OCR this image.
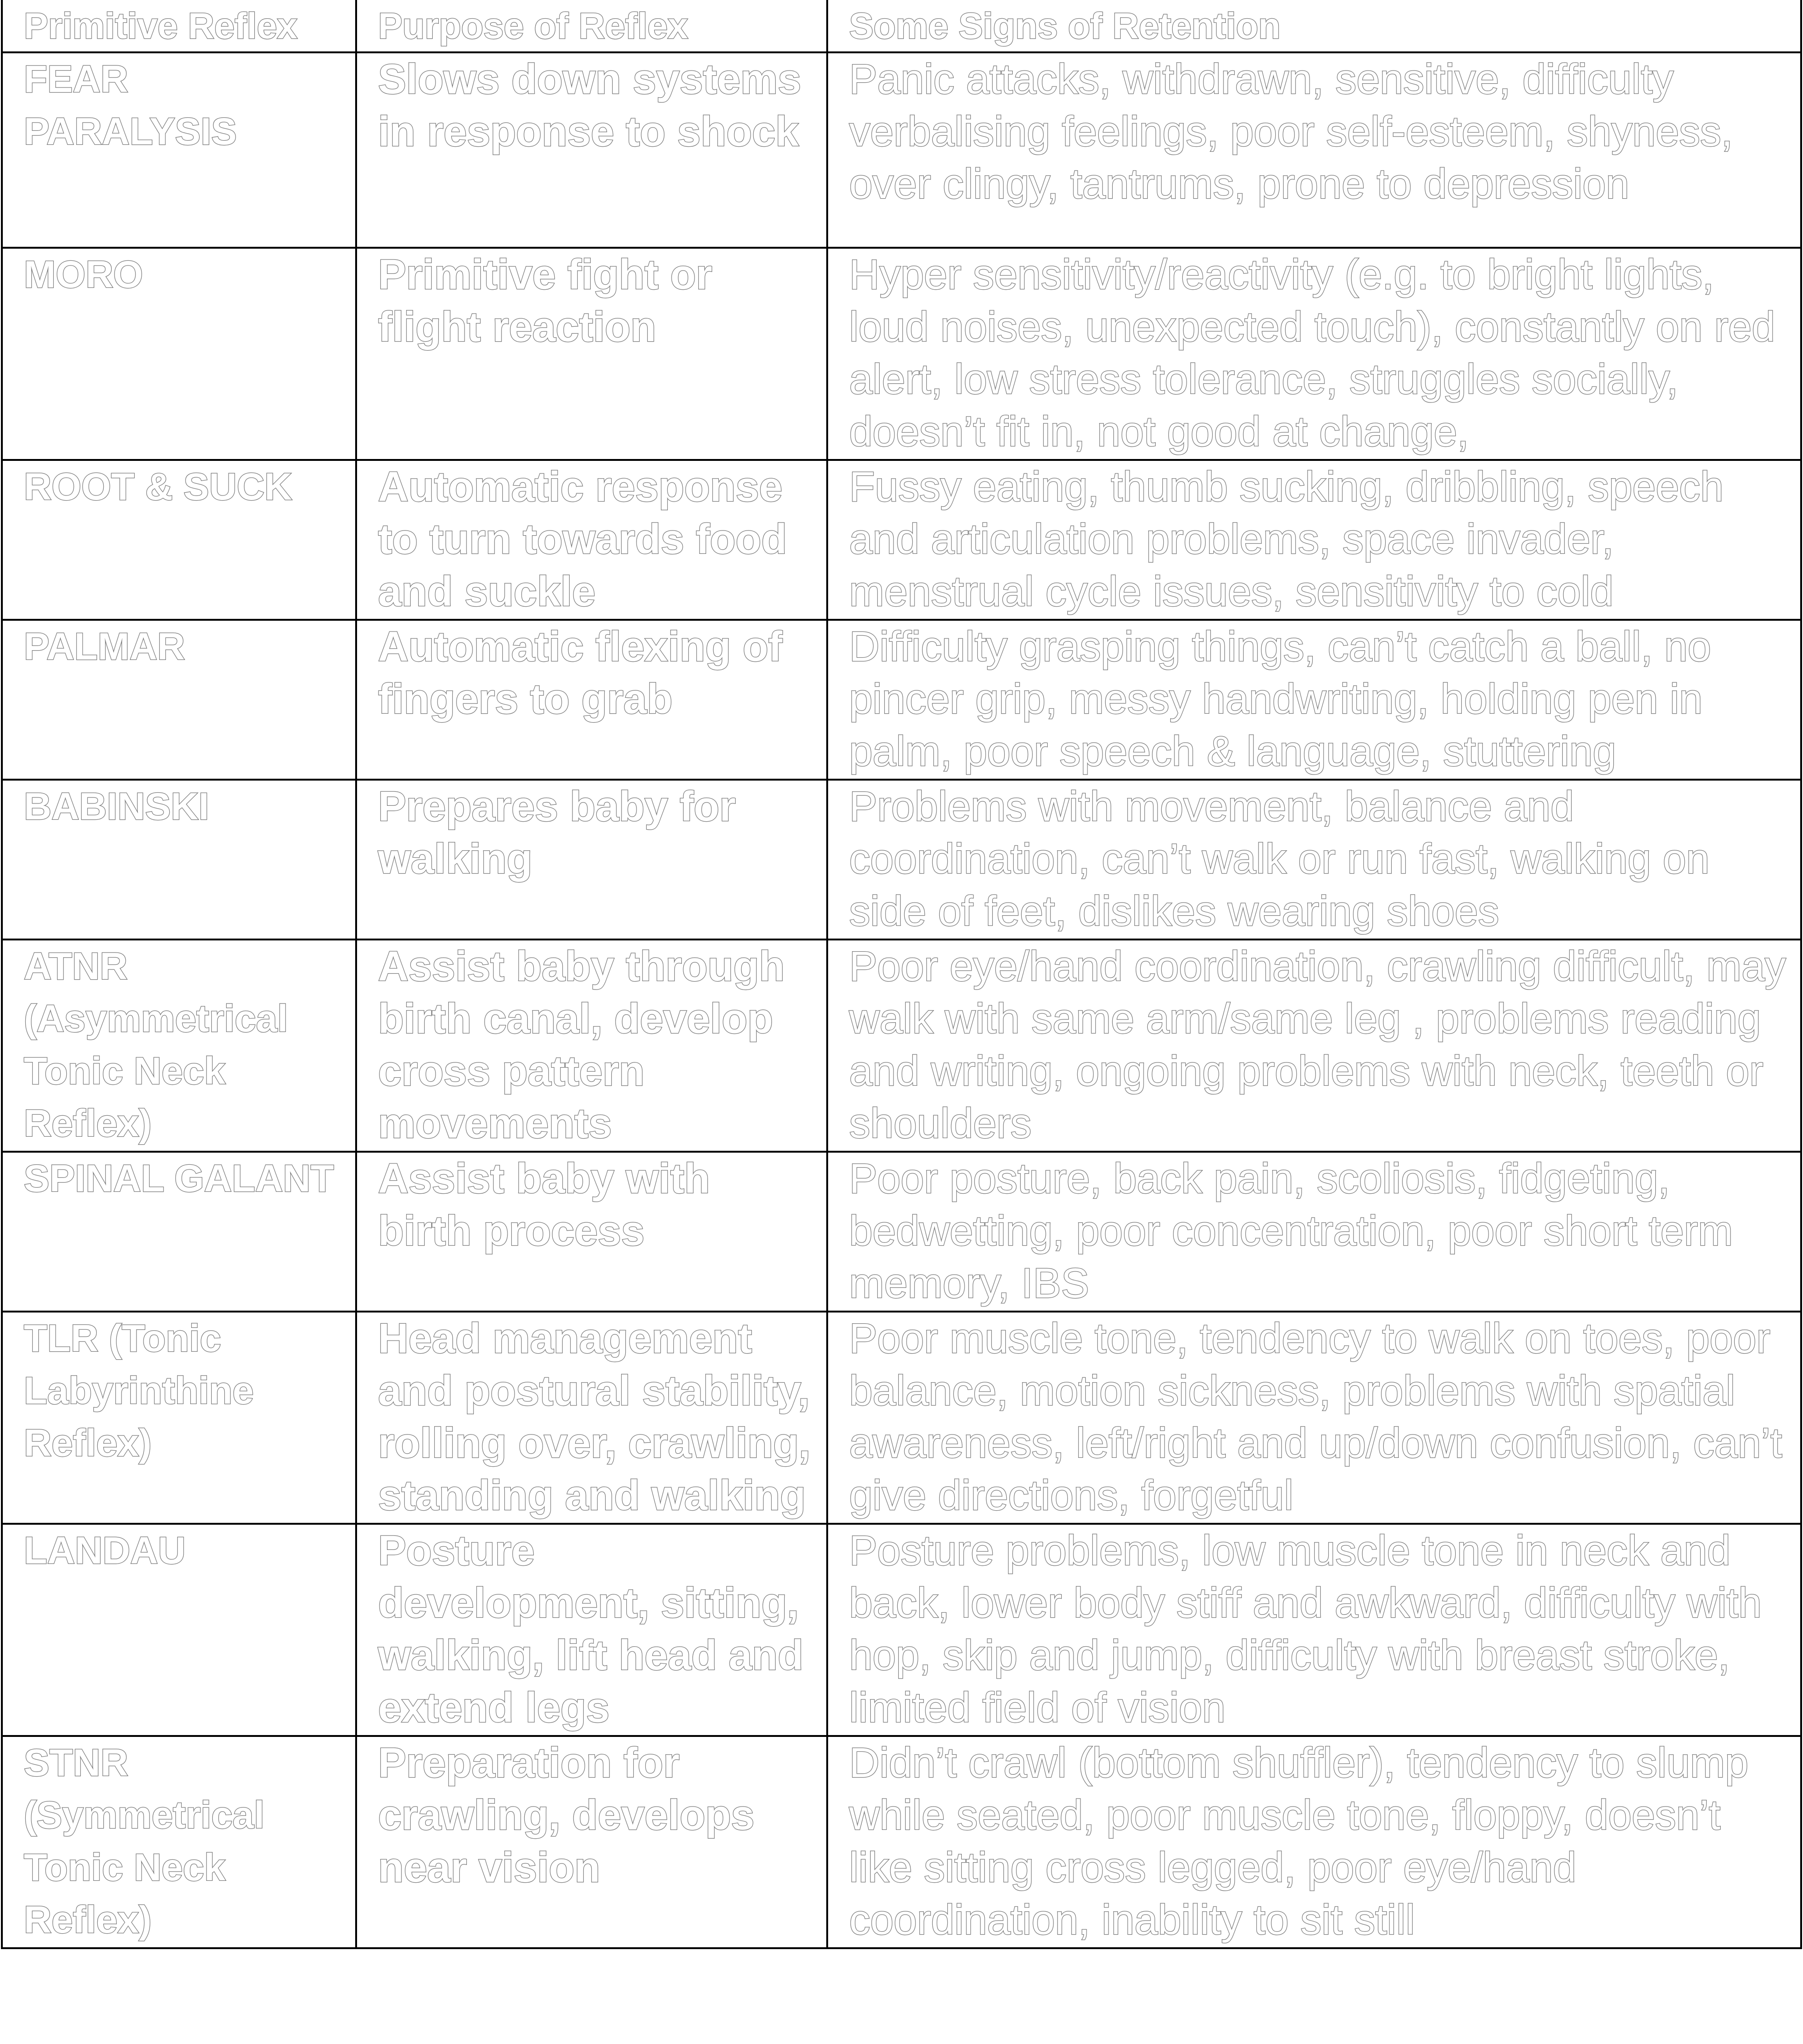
Primitive Reflex	Purpose of Reflex	Some Signs of Retention
FEAR PARALYSIS	Slows down systems in response to shock	Panic attacks, withdrawn, sensitive, difficulty verbalising feelings, poor self-esteem, shyness, over clingy, tantrums, prone to depression
MORO	Primitive fight or flight reaction	Hyper sensitivity/reactivity (e.g. to bright lights, loud noises, unexpected touch), constantly on red alert, low stress tolerance, struggles socially, doesn’t fit in, not good at change,
ROOT & SUCK	Automatic response to turn towards food and suckle	Fussy eating, thumb sucking, dribbling, speech and articulation problems, space invader, menstrual cycle issues, sensitivity to cold
PALMAR	Automatic flexing of fingers to grab	Difficulty grasping things, can’t catch a ball, no pincer grip, messy handwriting, holding pen in palm, poor speech & language, stuttering
BABINSKI	Prepares baby for walking	Problems with movement, balance and coordination, can’t walk or run fast, walking on side of feet, dislikes wearing shoes
ATNR (Asymmetrical Tonic Neck Reflex)	Assist baby through birth canal, develop cross pattern movements	Poor eye/hand coordination, crawling difficult, may walk with same arm/same leg , problems reading and writing, ongoing problems with neck, teeth or shoulders
SPINAL GALANT	Assist baby with birth process	Poor posture, back pain, scoliosis, fidgeting, bedwetting, poor concentration, poor short term memory, IBS
TLR (Tonic Labyrinthine Reflex)	Head management and postural stability, rolling over, crawling, standing and walking	Poor muscle tone, tendency to walk on toes, poor balance, motion sickness, problems with spatial awareness, left/right and up/down confusion, can’t give directions, forgetful
LANDAU	Posture development, sitting, walking, lift head and extend legs	Posture problems, low muscle tone in neck and back, lower body stiff and awkward, difficulty with hop, skip and jump, difficulty with breast stroke, limited field of vision
STNR (Symmetrical Tonic Neck Reflex)	Preparation for crawling, develops near vision	Didn’t crawl (bottom shuffler), tendency to slump while seated, poor muscle tone, floppy, doesn’t like sitting cross legged, poor eye/hand coordination, inability to sit still
